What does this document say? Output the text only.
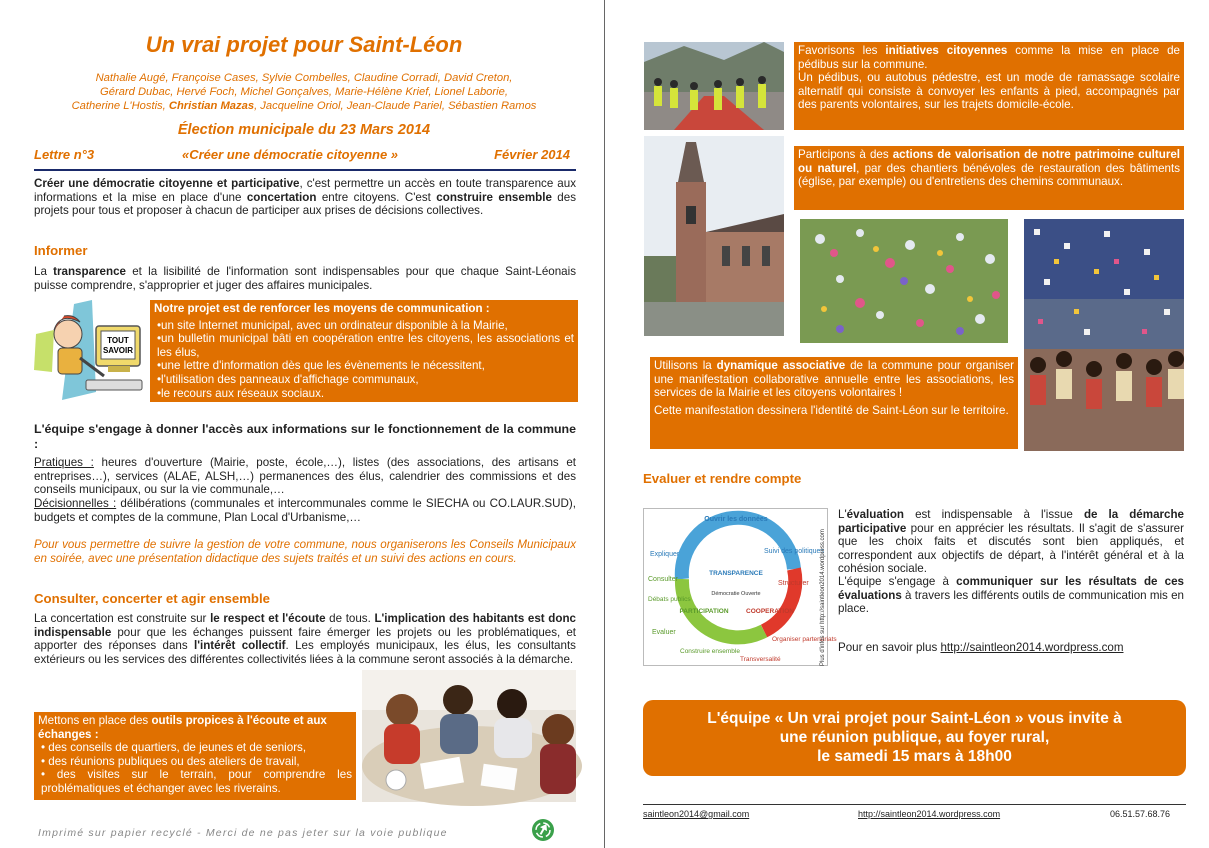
Un vrai projet pour Saint-Léon
Nathalie Augé, Françoise Cases, Sylvie Combelles, Claudine Corradi, David Creton,
Gérard Dubac, Hervé Foch, Michel Gonçalves, Marie-Hélène Krief, Lionel Laborie,
Catherine L'Hostis, Christian Mazas, Jacqueline Oriol, Jean-Claude Pariel, Sébastien Ramos
Élection municipale du 23 Mars 2014
Lettre n°3	«Créer une démocratie citoyenne »	Février 2014

Créer une démocratie citoyenne et participative, c'est permettre un accès en toute transparence aux informations et la mise en place d'une concertation entre citoyens. C'est construire ensemble des projets pour tous et proposer à chacun de participer aux prises de décisions collectives.

Informer

La transparence et la lisibilité de l'information sont indispensables pour que chaque Saint-Léonais puisse comprendre, s'approprier et juger des affaires municipales.

TOUT
SAVOIR
Notre projet est de renforcer les moyens de communication :
•un site Internet municipal, avec un ordinateur disponible à la Mairie,
•un bulletin municipal bâti en coopération entre les citoyens, les associations et les élus,
•une lettre d'information dès que les évènements le nécessitent,
•l'utilisation des panneaux d'affichage communaux,
•le recours aux réseaux sociaux.

L'équipe s'engage à donner l'accès aux informations sur le fonctionnement de la commune :

Pratiques : heures d'ouverture (Mairie, poste, école,…), listes (des associations, des artisans et entreprises…), services (ALAE, ALSH,…) permanences des élus, calendrier des commissions et des conseils municipaux, ou sur la vie communale,…

Décisionnelles : délibérations (communales et intercommunales comme le SIECHA ou CO.LAUR.SUD), budgets et comptes de la commune, Plan Local d'Urbanisme,…

Pour vous permettre de suivre la gestion de votre commune, nous organiserons les Conseils Municipaux en soirée, avec une présentation didactique des sujets traités et un suivi des actions en cours.

Consulter, concerter et agir ensemble

La concertation est construite sur le respect et l'écoute de tous. L'implication des habitants est donc indispensable pour que les échanges puissent faire émerger les projets ou les problématiques, et apporter des réponses dans l'intérêt collectif. Les employés municipaux, les élus, les consultants extérieurs ou les services des différentes collectivités liées à la commune seront associés à la démarche.

Mettons en place des outils propices à l'écoute et aux échanges :
• des conseils de quartiers, de jeunes et de seniors,
• des réunions publiques ou des ateliers de travail,
• des visites sur le terrain, pour comprendre les problématiques et échanger avec les riverains.
Imprimé sur papier recyclé - Merci de ne pas jeter sur la voie publique
Favorisons les initiatives citoyennes comme la mise en place de pédibus sur la commune.
Un pédibus, ou autobus pédestre, est un mode de ramassage scolaire alternatif qui consiste à convoyer les enfants à pied, accompagnés par des parents volontaires, sur les trajets domicile-école.
Participons à des actions de valorisation de notre patrimoine culturel ou naturel, par des chantiers bénévoles de restauration des bâtiments (église, par exemple) ou d'entretiens des chemins communaux.
Utilisons la dynamique associative de la commune pour organiser une manifestation collaborative annuelle entre les associations, les services de la Mairie et les citoyens volontaires !
Cette manifestation dessinera l'identité de Saint-Léon sur le territoire.
Evaluer et rendre compte
Ouvrir les données
Expliquer	Suivi des politiques
TRANSPARENCE
Démocratie Ouverte
Consulter
Structurer
Débats publics
PARTICIPATION	COOPERATION
Evaluer
Organiser partenariats
Construire ensemble
Transversalité	Plus d'infos sur http://saintleon2014.wordpress.com

L'évaluation est indispensable à l'issue de la démarche participative pour en apprécier les résultats. Il s'agit de s'assurer que les choix faits et discutés sont bien appliqués, et correspondent aux objectifs de départ, à l'intérêt général et à la cohésion sociale.

L'équipe s'engage à communiquer sur les résultats de ces évaluations à travers les différents outils de communication mis en place.

Pour en savoir plus http://saintleon2014.wordpress.com

L'équipe « Un vrai projet pour Saint-Léon » vous invite à
une réunion publique, au foyer rural,
le samedi 15 mars à 18h00
saintleon2014@gmail.com	http://saintleon2014.wordpress.com	06.51.57.68.76
